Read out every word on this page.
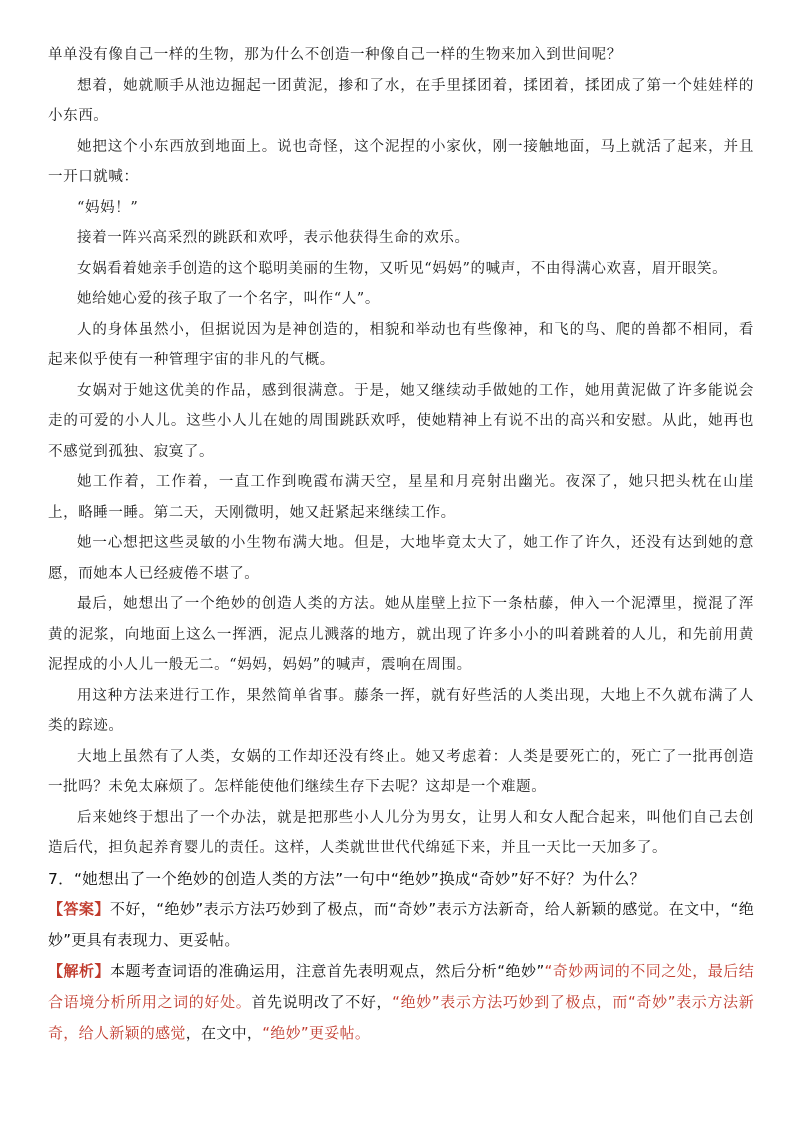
单单没有像自己一样的生物，那为什么不创造一种像自己一样的生物来加入到世间呢？

想着，她就顺手从池边掘起一团黄泥，掺和了水，在手里揉团着，揉团着，揉团成了第一个娃娃样的小东西。

她把这个小东西放到地面上。说也奇怪，这个泥捏的小家伙，刚一接触地面，马上就活了起来，并且一开口就喊：

“妈妈！”

接着一阵兴高采烈的跳跃和欢呼，表示他获得生命的欢乐。

女娲看着她亲手创造的这个聪明美丽的生物，又听见“妈妈”的喊声，不由得满心欢喜，眉开眼笑。

她给她心爱的孩子取了一个名字，叫作“人”。

人的身体虽然小，但据说因为是神创造的，相貌和举动也有些像神，和飞的鸟、爬的兽都不相同，看起来似乎使有一种管理宇宙的非凡的气概。

女娲对于她这优美的作品，感到很满意。于是，她又继续动手做她的工作，她用黄泥做了许多能说会走的可爱的小人儿。这些小人儿在她的周围跳跃欢呼，使她精神上有说不出的高兴和安慰。从此，她再也不感觉到孤独、寂寞了。

她工作着，工作着，一直工作到晚霞布满天空，星星和月亮射出幽光。夜深了，她只把头枕在山崖上，略睡一睡。第二天，天刚微明，她又赶紧起来继续工作。

她一心想把这些灵敏的小生物布满大地。但是，大地毕竟太大了，她工作了许久，还没有达到她的意愿，而她本人已经疲倦不堪了。

最后，她想出了一个绝妙的创造人类的方法。她从崖壁上拉下一条枯藤，伸入一个泥潭里，搅混了浑黄的泥浆，向地面上这么一挥洒，泥点儿溅落的地方，就出现了许多小小的叫着跳着的人儿，和先前用黄泥捏成的小人儿一般无二。“妈妈，妈妈”的喊声，震响在周围。

用这种方法来进行工作，果然简单省事。藤条一挥，就有好些活的人类出现，大地上不久就布满了人类的踪迹。

大地上虽然有了人类，女娲的工作却还没有终止。她又考虑着：人类是要死亡的，死亡了一批再创造一批吗？未免太麻烦了。怎样能使他们继续生存下去呢？这却是一个难题。

后来她终于想出了一个办法，就是把那些小人儿分为男女，让男人和女人配合起来，叫他们自己去创造后代，担负起养育婴儿的责任。这样，人类就世世代代绵延下来，并且一天比一天加多了。

7．“她想出了一个绝妙的创造人类的方法”一句中“绝妙”换成“奇妙”好不好？为什么？

【答案】不好，“绝妙”表示方法巧妙到了极点，而“奇妙”表示方法新奇，给人新颖的感觉。在文中，“绝妙”更具有表现力、更妥帖。

【解析】本题考查词语的准确运用，注意首先表明观点，然后分析“绝妙”“奇妙两词的不同之处，最后结合语境分析所用之词的好处。首先说明改了不好，“绝妙”表示方法巧妙到了极点，而“奇妙”表示方法新奇，给人新颖的感觉，在文中，“绝妙”更妥帖。
